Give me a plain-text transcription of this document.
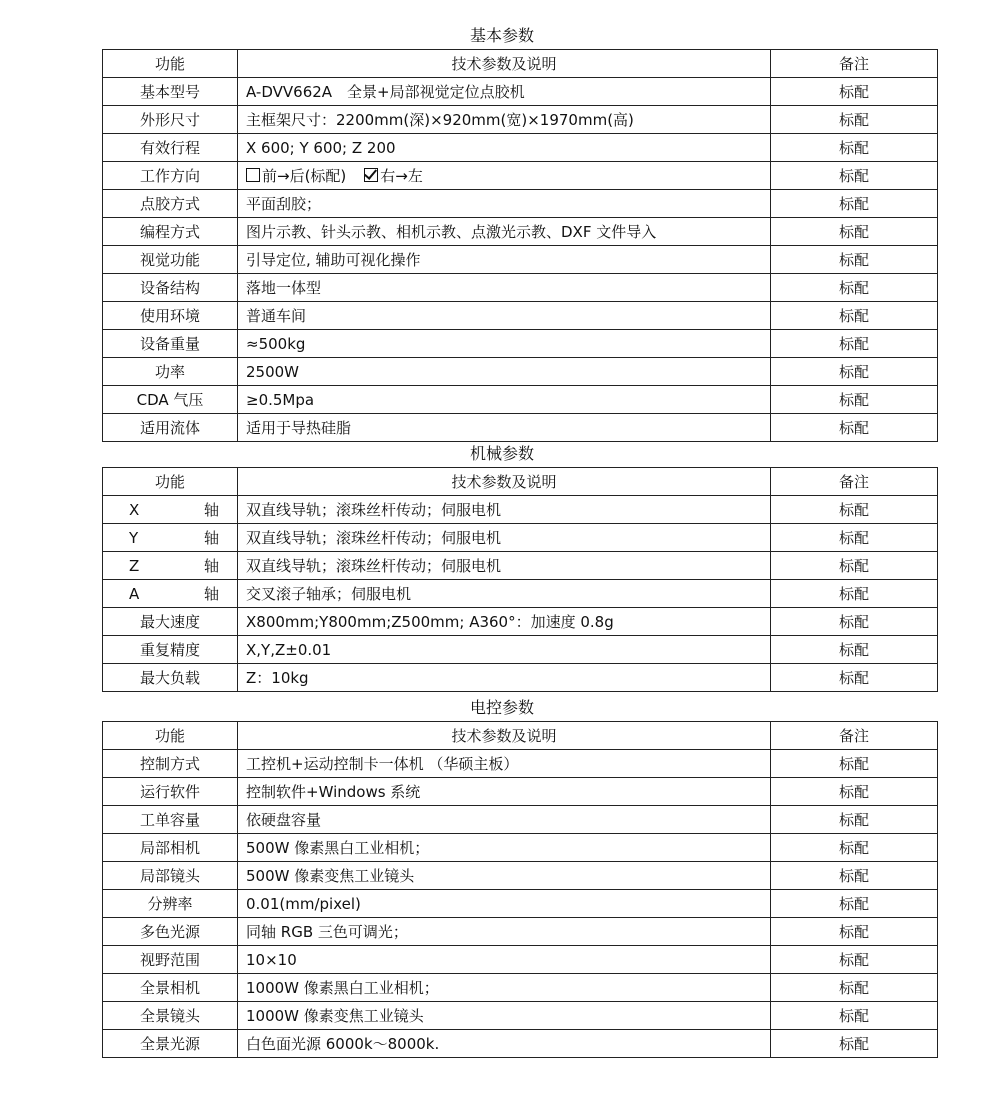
基本参数
功能	技术参数及说明	备注
基本型号	A-DVV662A　全景+局部视觉定位点胶机	标配
外形尺寸	主框架尺寸：2200mm(深)×920mm(宽)×1970mm(高)	标配
有效行程	X 600; Y 600; Z 200	标配
工作方向	前→后(标配) 右→左	标配
点胶方式	平面刮胶；	标配
编程方式	图片示教、针头示教、相机示教、点激光示教、DXF 文件导入	标配
视觉功能	引导定位, 辅助可视化操作	标配
设备结构	落地一体型	标配
使用环境	普通车间	标配
设备重量	≈500kg	标配
功率	2500W	标配
CDA 气压	≥0.5Mpa	标配
适用流体	适用于导热硅脂	标配
机械参数
功能	技术参数及说明	备注

X 轴	双直线导轨；滚珠丝杆传动；伺服电机	标配

Y 轴	双直线导轨；滚珠丝杆传动；伺服电机	标配

Z 轴	双直线导轨；滚珠丝杆传动；伺服电机	标配

A 轴	交叉滚子轴承；伺服电机	标配
最大速度	X800mm;Y800mm;Z500mm; A360°：加速度 0.8g	标配
重复精度	X,Y,Z±0.01	标配
最大负载	Z：10kg	标配
电控参数
功能	技术参数及说明	备注
控制方式	工控机+运动控制卡一体机 （华硕主板）	标配
运行软件	控制软件+Windows 系统	标配
工单容量	依硬盘容量	标配
局部相机	500W 像素黑白工业相机；	标配
局部镜头	500W 像素变焦工业镜头	标配
分辨率	0.01(mm/pixel)	标配
多色光源	同轴 RGB 三色可调光；	标配
视野范围	10×10	标配
全景相机	1000W 像素黑白工业相机；	标配
全景镜头	1000W 像素变焦工业镜头	标配
全景光源	白色面光源 6000k～8000k.	标配
